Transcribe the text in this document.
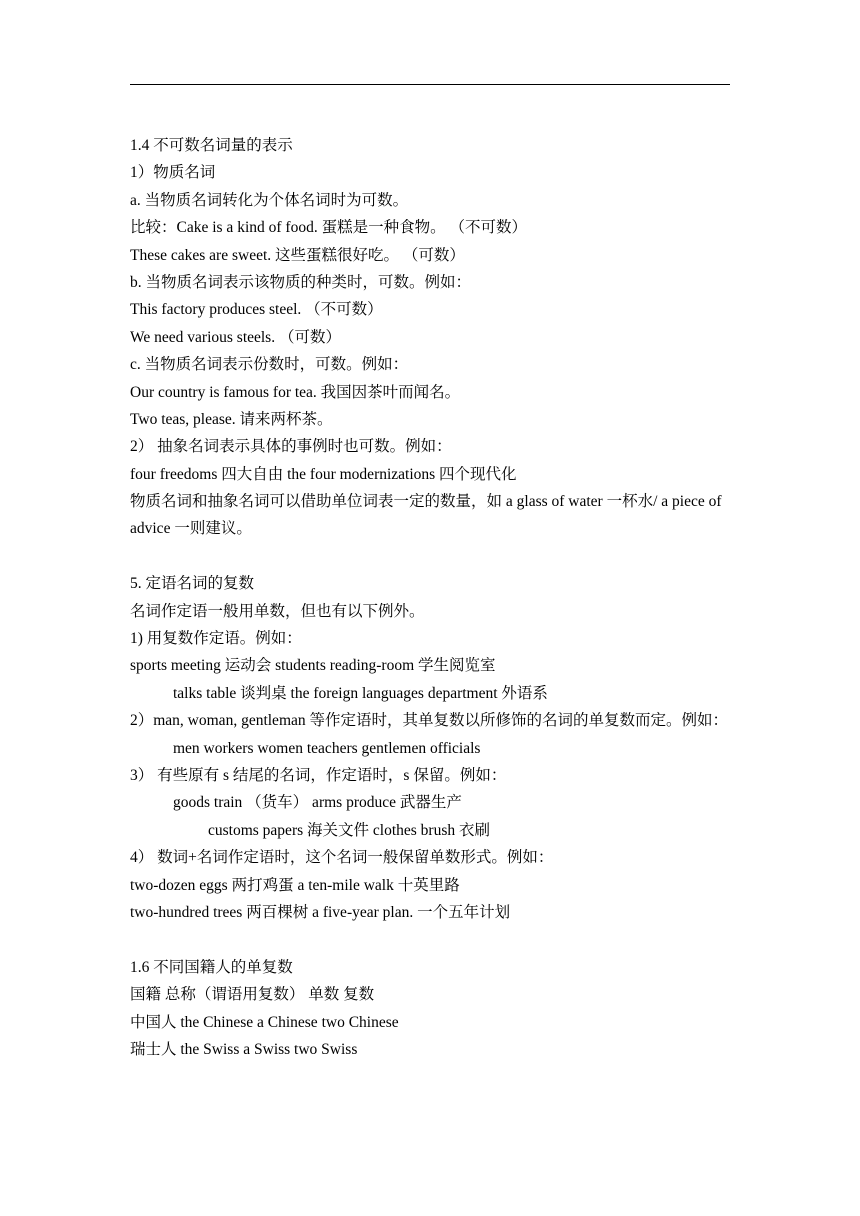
1.4 不可数名词量的表示
1）物质名词
a. 当物质名词转化为个体名词时为可数。
比较：Cake is a kind of food. 蛋糕是一种食物。 （不可数）
These cakes are sweet. 这些蛋糕很好吃。 （可数）
b. 当物质名词表示该物质的种类时，可数。例如：
This factory produces steel. （不可数）
We need various steels. （可数）
c. 当物质名词表示份数时，可数。例如：
Our country is famous for tea. 我国因茶叶而闻名。
Two teas, please. 请来两杯茶。
2） 抽象名词表示具体的事例时也可数。例如：
four freedoms 四大自由 the four modernizations 四个现代化
物质名词和抽象名词可以借助单位词表一定的数量，如 a glass of water 一杯水/ a piece of advice 一则建议。
5. 定语名词的复数
名词作定语一般用单数，但也有以下例外。
1) 用复数作定语。例如：
sports meeting 运动会 students reading-room 学生阅览室
talks table 谈判桌 the foreign languages department 外语系
2）man, woman, gentleman 等作定语时，其单复数以所修饰的名词的单复数而定。例如：
men workers women teachers gentlemen officials
3） 有些原有 s 结尾的名词，作定语时，s 保留。例如：
goods train （货车） arms produce 武器生产
customs papers 海关文件 clothes brush 衣刷
4） 数词+名词作定语时，这个名词一般保留单数形式。例如：
two-dozen eggs 两打鸡蛋 a ten-mile walk 十英里路
two-hundred trees 两百棵树 a five-year plan. 一个五年计划
1.6 不同国籍人的单复数
国籍 总称（谓语用复数） 单数 复数
中国人 the Chinese a Chinese two Chinese
瑞士人 the Swiss a Swiss two Swiss
